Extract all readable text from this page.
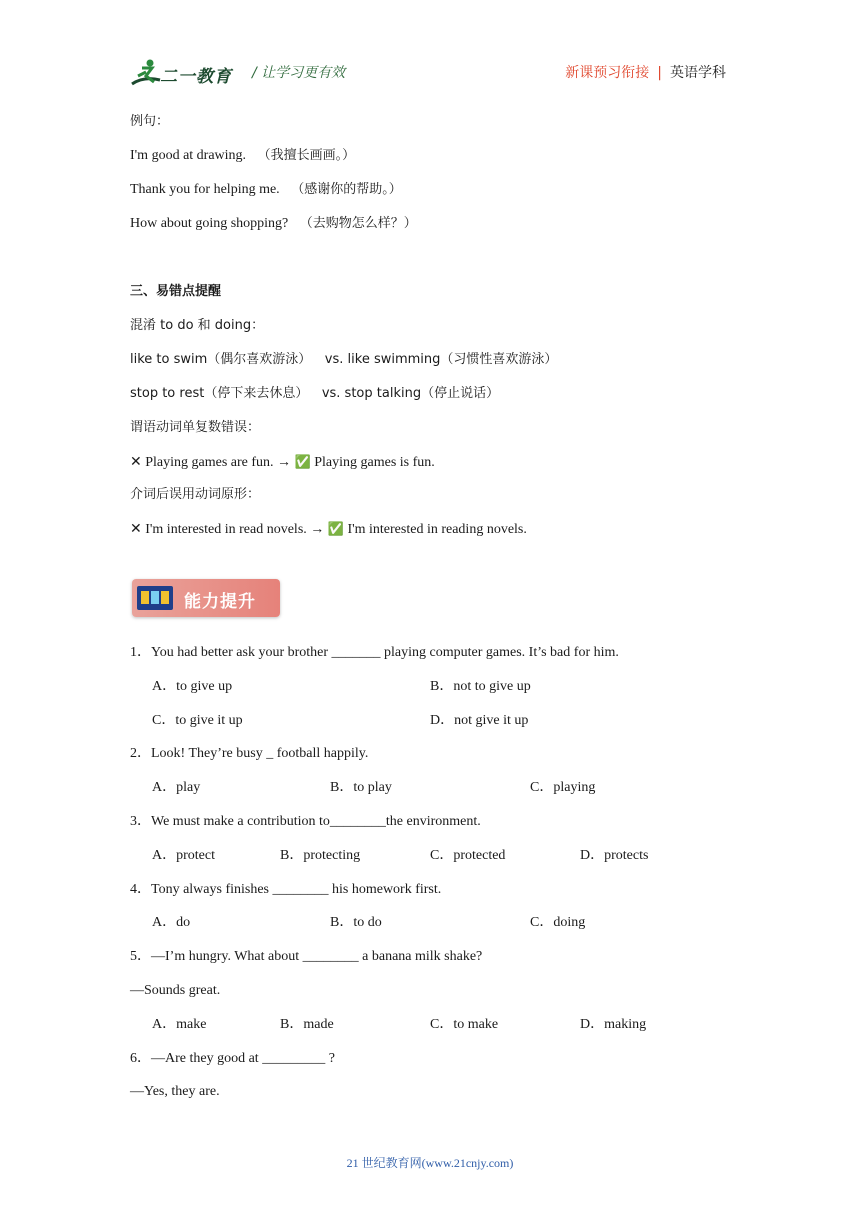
二一教育 / 让学习更有效	新课预习衔接 | 英语学科
例句：
I'm good at drawing. （我擅长画画。）
Thank you for helping me. （感谢你的帮助。）
How about going shopping? （去购物怎么样？）
三、易错点提醒
混淆 to do 和 doing：
like to swim（偶尔喜欢游泳） vs. like swimming（习惯性喜欢游泳）
stop to rest（停下来去休息） vs. stop talking（停止说话）
谓语动词单复数错误：
✕ Playing games are fun. → ✅ Playing games is fun.
介词后误用动词原形：
✕ I'm interested in read novels. → ✅ I'm interested in reading novels.
能力提升
1．You had better ask your brother _______ playing computer games. It’s bad for him.
A．to give up	B．not to give up
C．to give it up	D．not give it up
2．Look! They’re busy _ football happily.
A．play	B．to play	C．playing
3．We must make a contribution to________the environment.
A．protect	B．protecting	C．protected	D．protects
4．Tony always finishes ________ his homework first.
A．do	B．to do	C．doing
5．—I’m hungry. What about ________ a banana milk shake?
—Sounds great.
A．make	B．made	C．to make	D．making
6．—Are they good at _________ ?
—Yes, they are.
21 世纪教育网(www.21cnjy.com)
